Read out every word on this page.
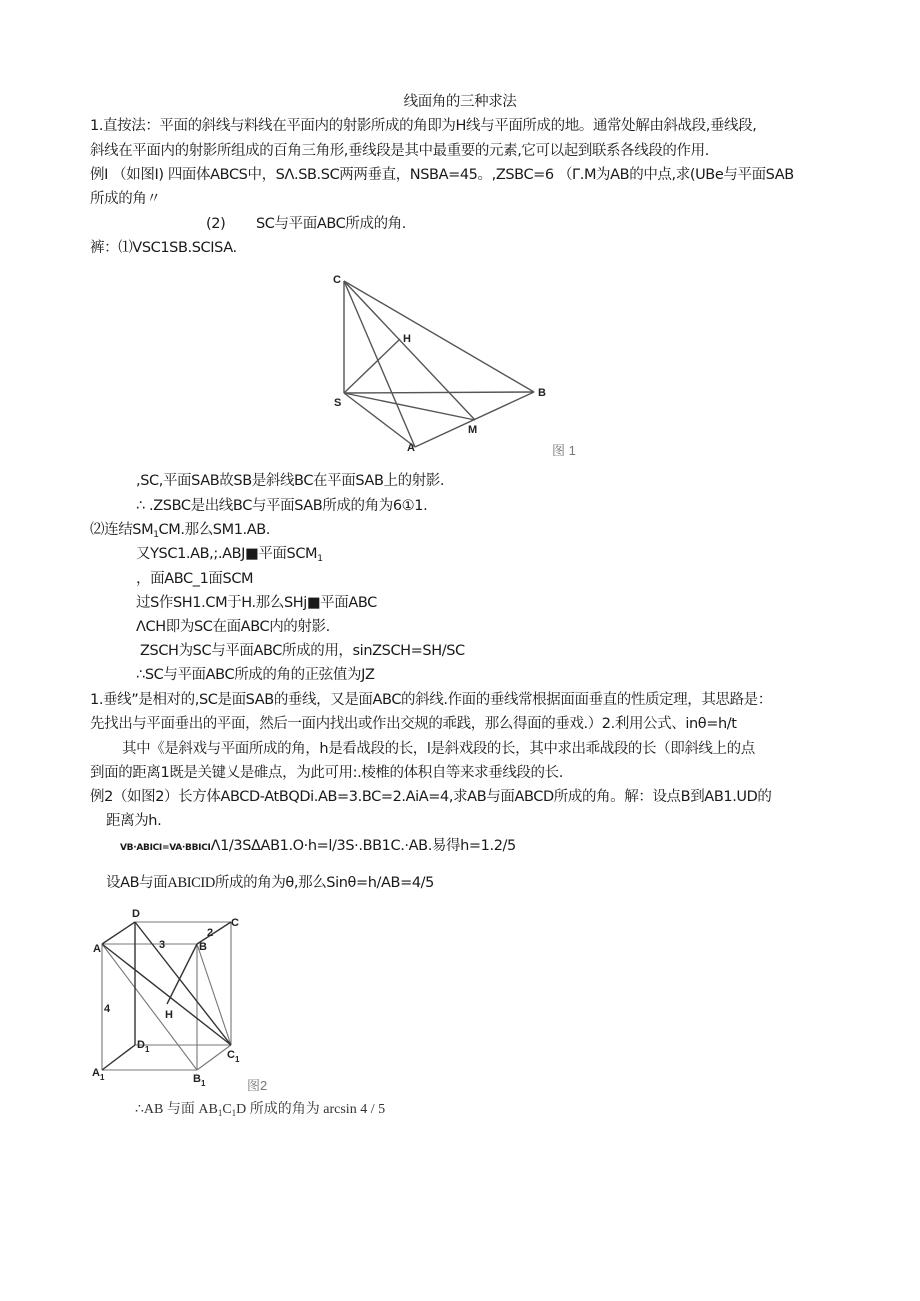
线面角的三种求法
1.直按法：平面的斜线与料线在平面内的射影所成的角即为H线与平面所成的地。通常处解由斜战段,垂线段,
斜线在平面内的射影所组成的百角三角形,垂线段是其中最重要的元素,它可以起到联系各线段的作用.
例I （如图I) 四面体ABCS中，SΛ.SB.SC两两垂直，NSBA=45。,ZSBC=6 （Γ.M为AB的中点,求(UBe与平面SAB
所成的角〃
(2) SC与平面ABC所成的角.
裤：⑴VSC1SB.SCISA.
C
H
S
B
M
A	图 1
,SC,平面SAB故SB是斜线BC在平面SAB上的射影.
∴ .ZSBC是出线BC与平面SAB所成的角为6①1.
⑵连结$SM_1CM$.那么SM1.AB.
又YSC1.AB,;.ABJ■平面$SCM_1$
，面ABC_1面SCM
过S作SH1.CM于H.那么SHj■平面ABC
ΛCH即为SC在面ABC内的射影.
ZSCH为SC与平面ABC所成的用，sinZSCH=SH/SC
∴SC与平面ABC所成的角的正弦值为JZ
1.垂线”是相对的,SC是面SAB的垂线，又是面ABC的斜线.作面的垂线常根据面面垂直的性质定理，其思路是：
先找出与平面垂出的平面，然后一面内找出或作出交规的乖践，那么得面的垂戏.）2.利用公式、inθ=h∕t
其中《是斜戏与平面所成的角，h是看战段的长，l是斜戏段的长，其中求出乖战段的长（即斜线上的点
到面的距离1既是关键乂是碓点，为此可用:.棱椎的体积自等来求垂线段的长.
例2（如图2）长方体ABCD-AtBQDi.AB=3.BC=2.AiA=4,求AB与面ABCD所成的角。解：设点B到AB1.UD的
距离为h.
VB·ABICI=VA·BBICIΛ1∕3SΔAB1.O·h=l/3S·.BB1C.·AB.易得h=1.2∕5
设AB与面ABICID所成的角为θ,那么Sinθ=h/AB=4/5
D
C
A	B
3
2
4	H
$D_1$	$C_1$
$A_1$	$B_1$	图2
∴AB 与面 $AB_1C_1D$ 所成的角为 arcsin 4 / 5
